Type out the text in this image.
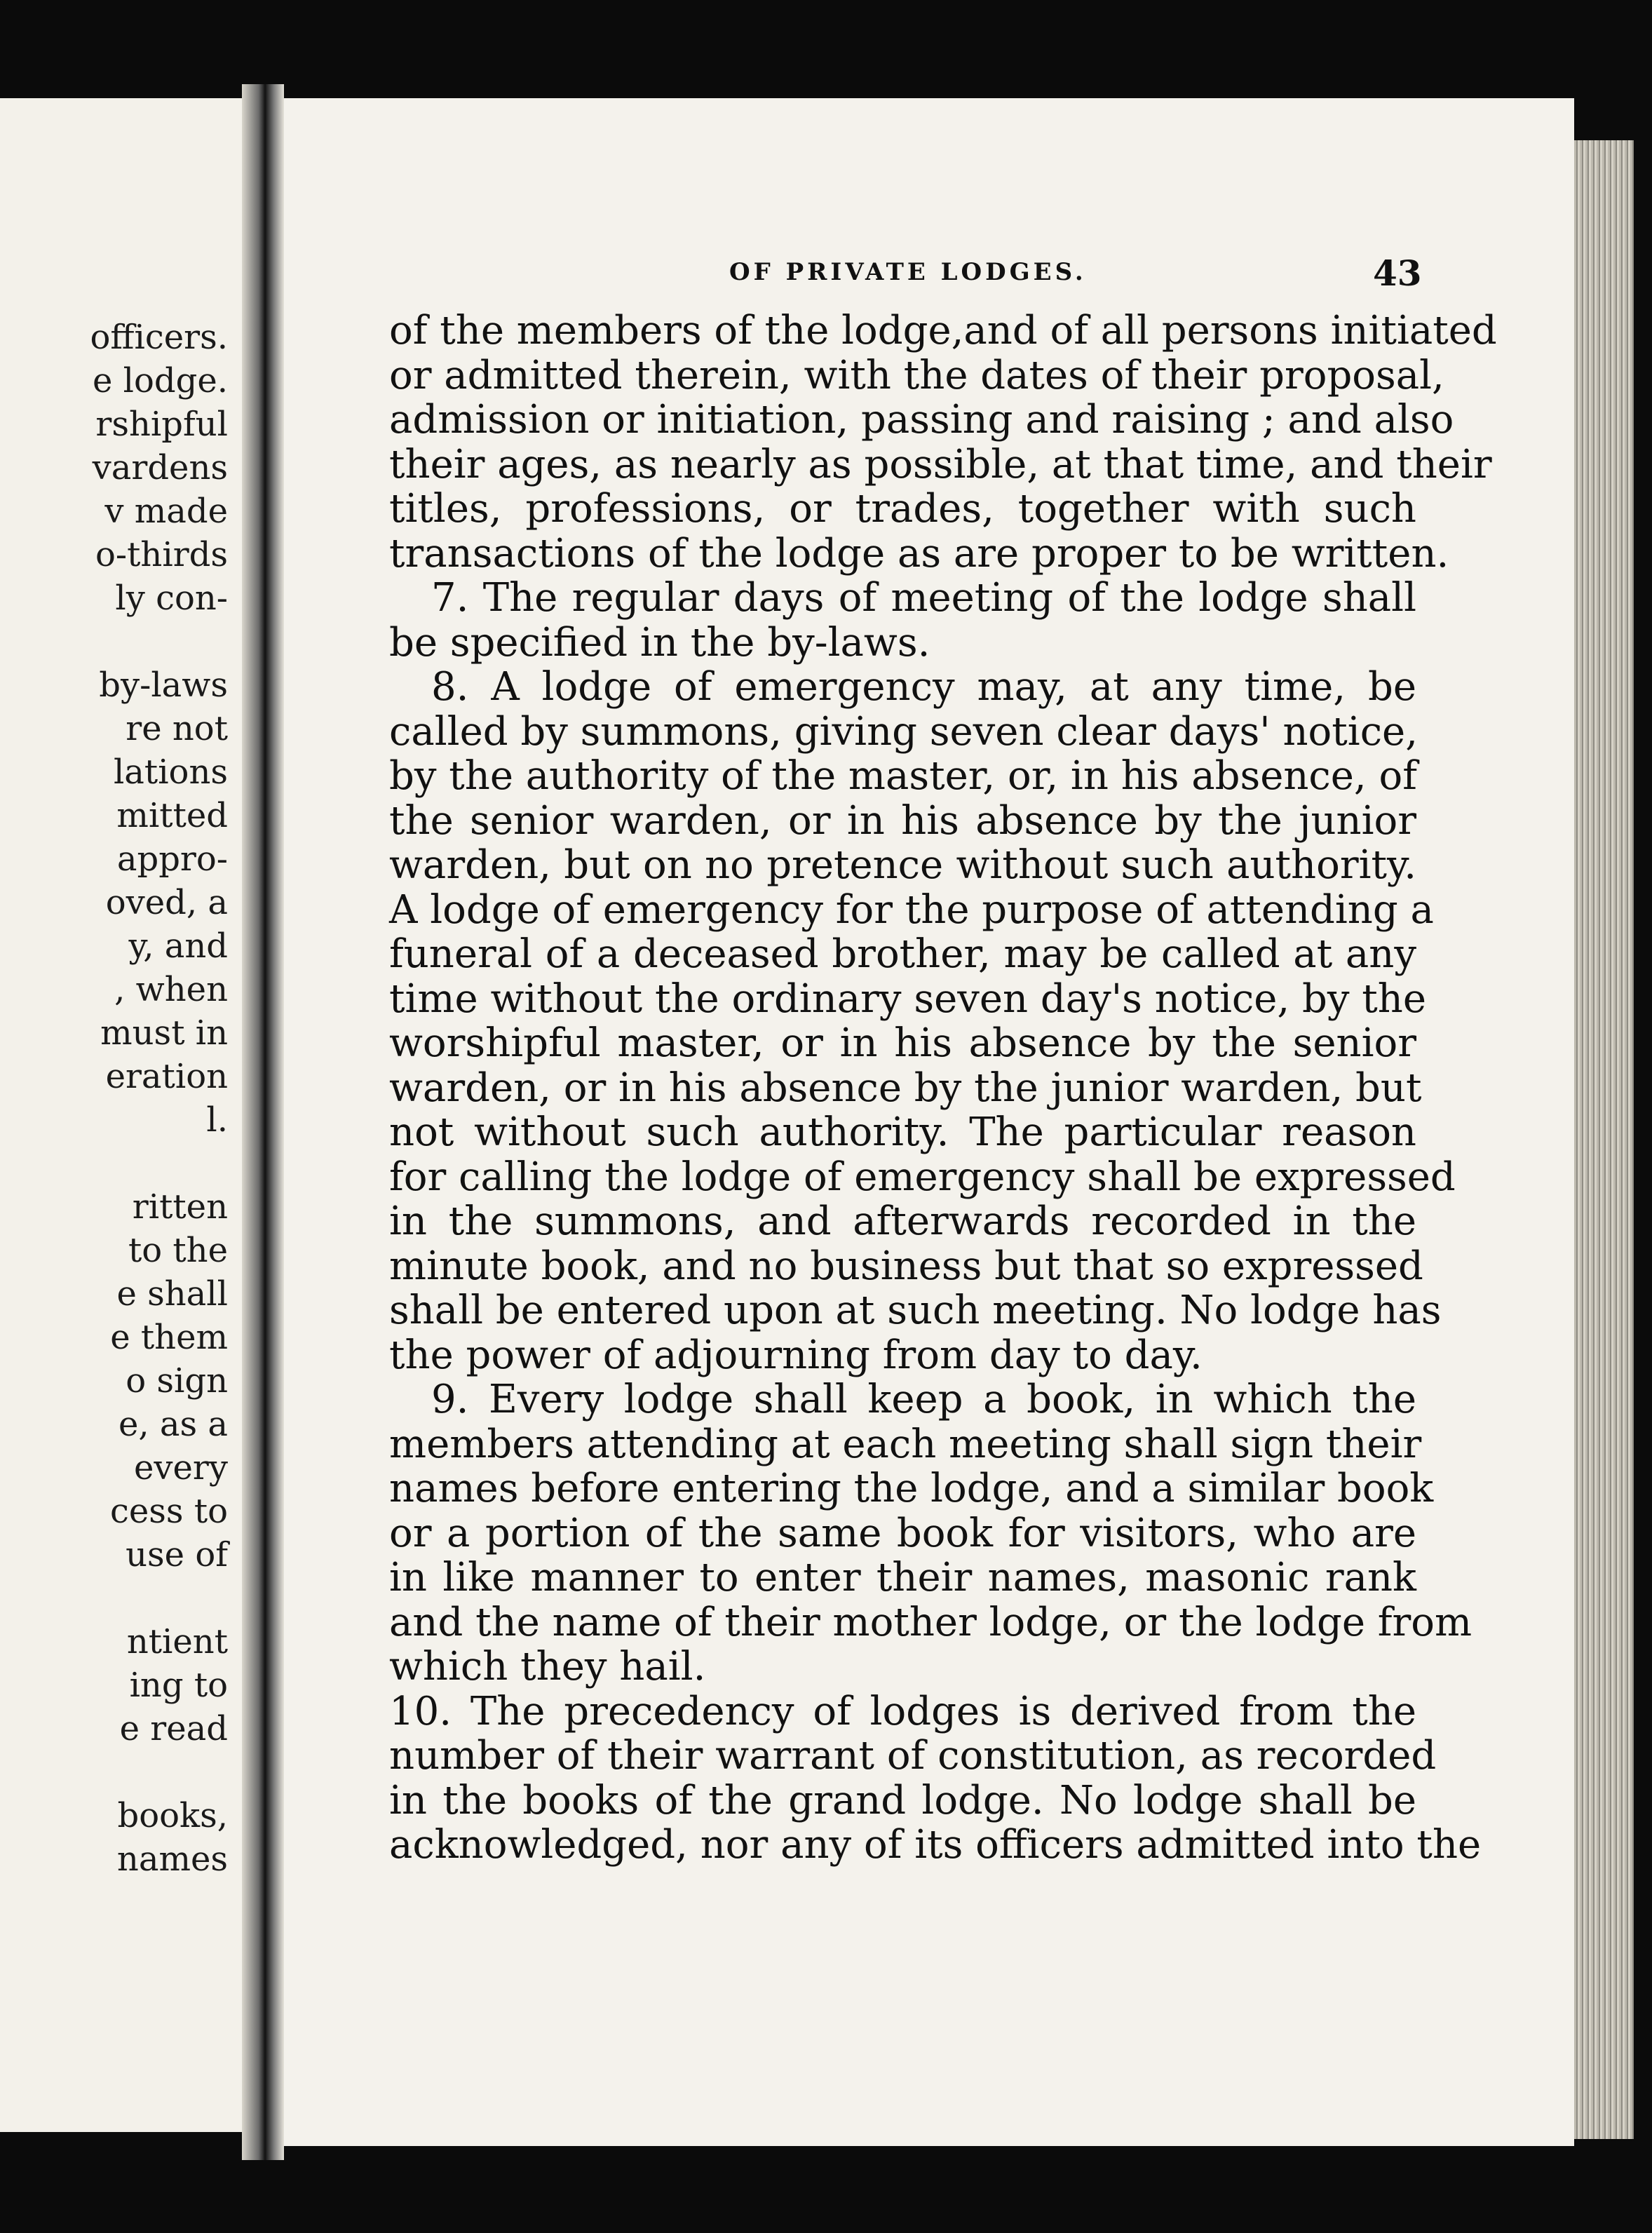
officers.
e lodge.
rshipful
vardens
v made
o-thirds
ly con-
by-laws
re not
lations
mitted
appro-
oved, a
y, and
, when
must in
eration
l.
ritten
to the
e shall
e them
o sign
e, as a
every
cess to
use of
ntient
ing to
e read
books,
names
OF PRIVATE LODGES.	43
of the members of the lodge,and of all persons initiated
or admitted therein, with the dates of their proposal,
admission or initiation, passing and raising ; and also
their ages, as nearly as possible, at that time, and their
titles, professions, or trades, together with such
transactions of the lodge as are proper to be written.
7. The regular days of meeting of the lodge shall
be specified in the by-laws.
8. A lodge of emergency may, at any time, be
called by summons, giving seven clear days' notice,
by the authority of the master, or, in his absence, of
the senior warden, or in his absence by the junior
warden, but on no pretence without such authority.
A lodge of emergency for the purpose of attending a
funeral of a deceased brother, may be called at any
time without the ordinary seven day's notice, by the
worshipful master, or in his absence by the senior
warden, or in his absence by the junior warden, but
not without such authority. The particular reason
for calling the lodge of emergency shall be expressed
in the summons, and afterwards recorded in the
minute book, and no business but that so expressed
shall be entered upon at such meeting. No lodge has
the power of adjourning from day to day.
9. Every lodge shall keep a book, in which the
members attending at each meeting shall sign their
names before entering the lodge, and a similar book
or a portion of the same book for visitors, who are
in like manner to enter their names, masonic rank
and the name of their mother lodge, or the lodge from
which they hail.
10. The precedency of lodges is derived from the
number of their warrant of constitution, as recorded
in the books of the grand lodge. No lodge shall be
acknowledged, nor any of its officers admitted into the
